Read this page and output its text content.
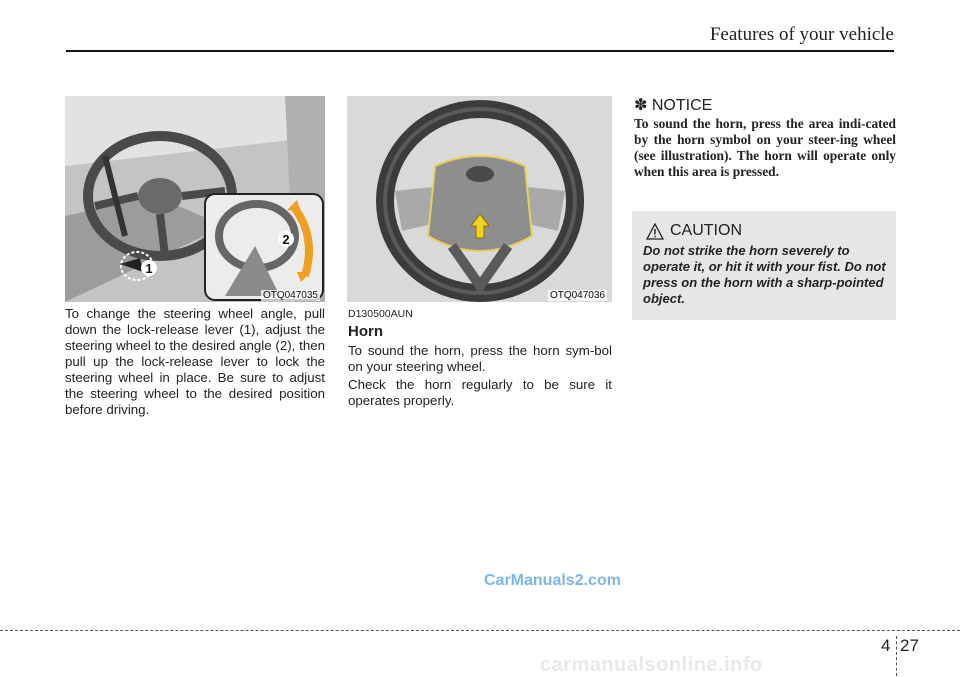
Features of your vehicle
1
2
OTQ047035	OTQ047036

To change the steering wheel angle, pull down the lock-release lever (1), adjust the steering wheel to the desired angle (2), then pull up the lock-release lever to lock the steering wheel in place. Be sure to adjust the steering wheel to the desired position before driving.

D130500AUN
Horn

To sound the horn, press the horn sym-bol on your steering wheel.

Check the horn regularly to be sure it operates properly.

✽ NOTICE

To sound the horn, press the area indi-cated by the horn symbol on your steer-ing wheel (see illustration). The horn will operate only when this area is pressed.

CAUTION

Do not strike the horn severely to operate it, or hit it with your fist. Do not press on the horn with a sharp-pointed object.

CarManuals2.com
4 27
carmanualsonline.info
